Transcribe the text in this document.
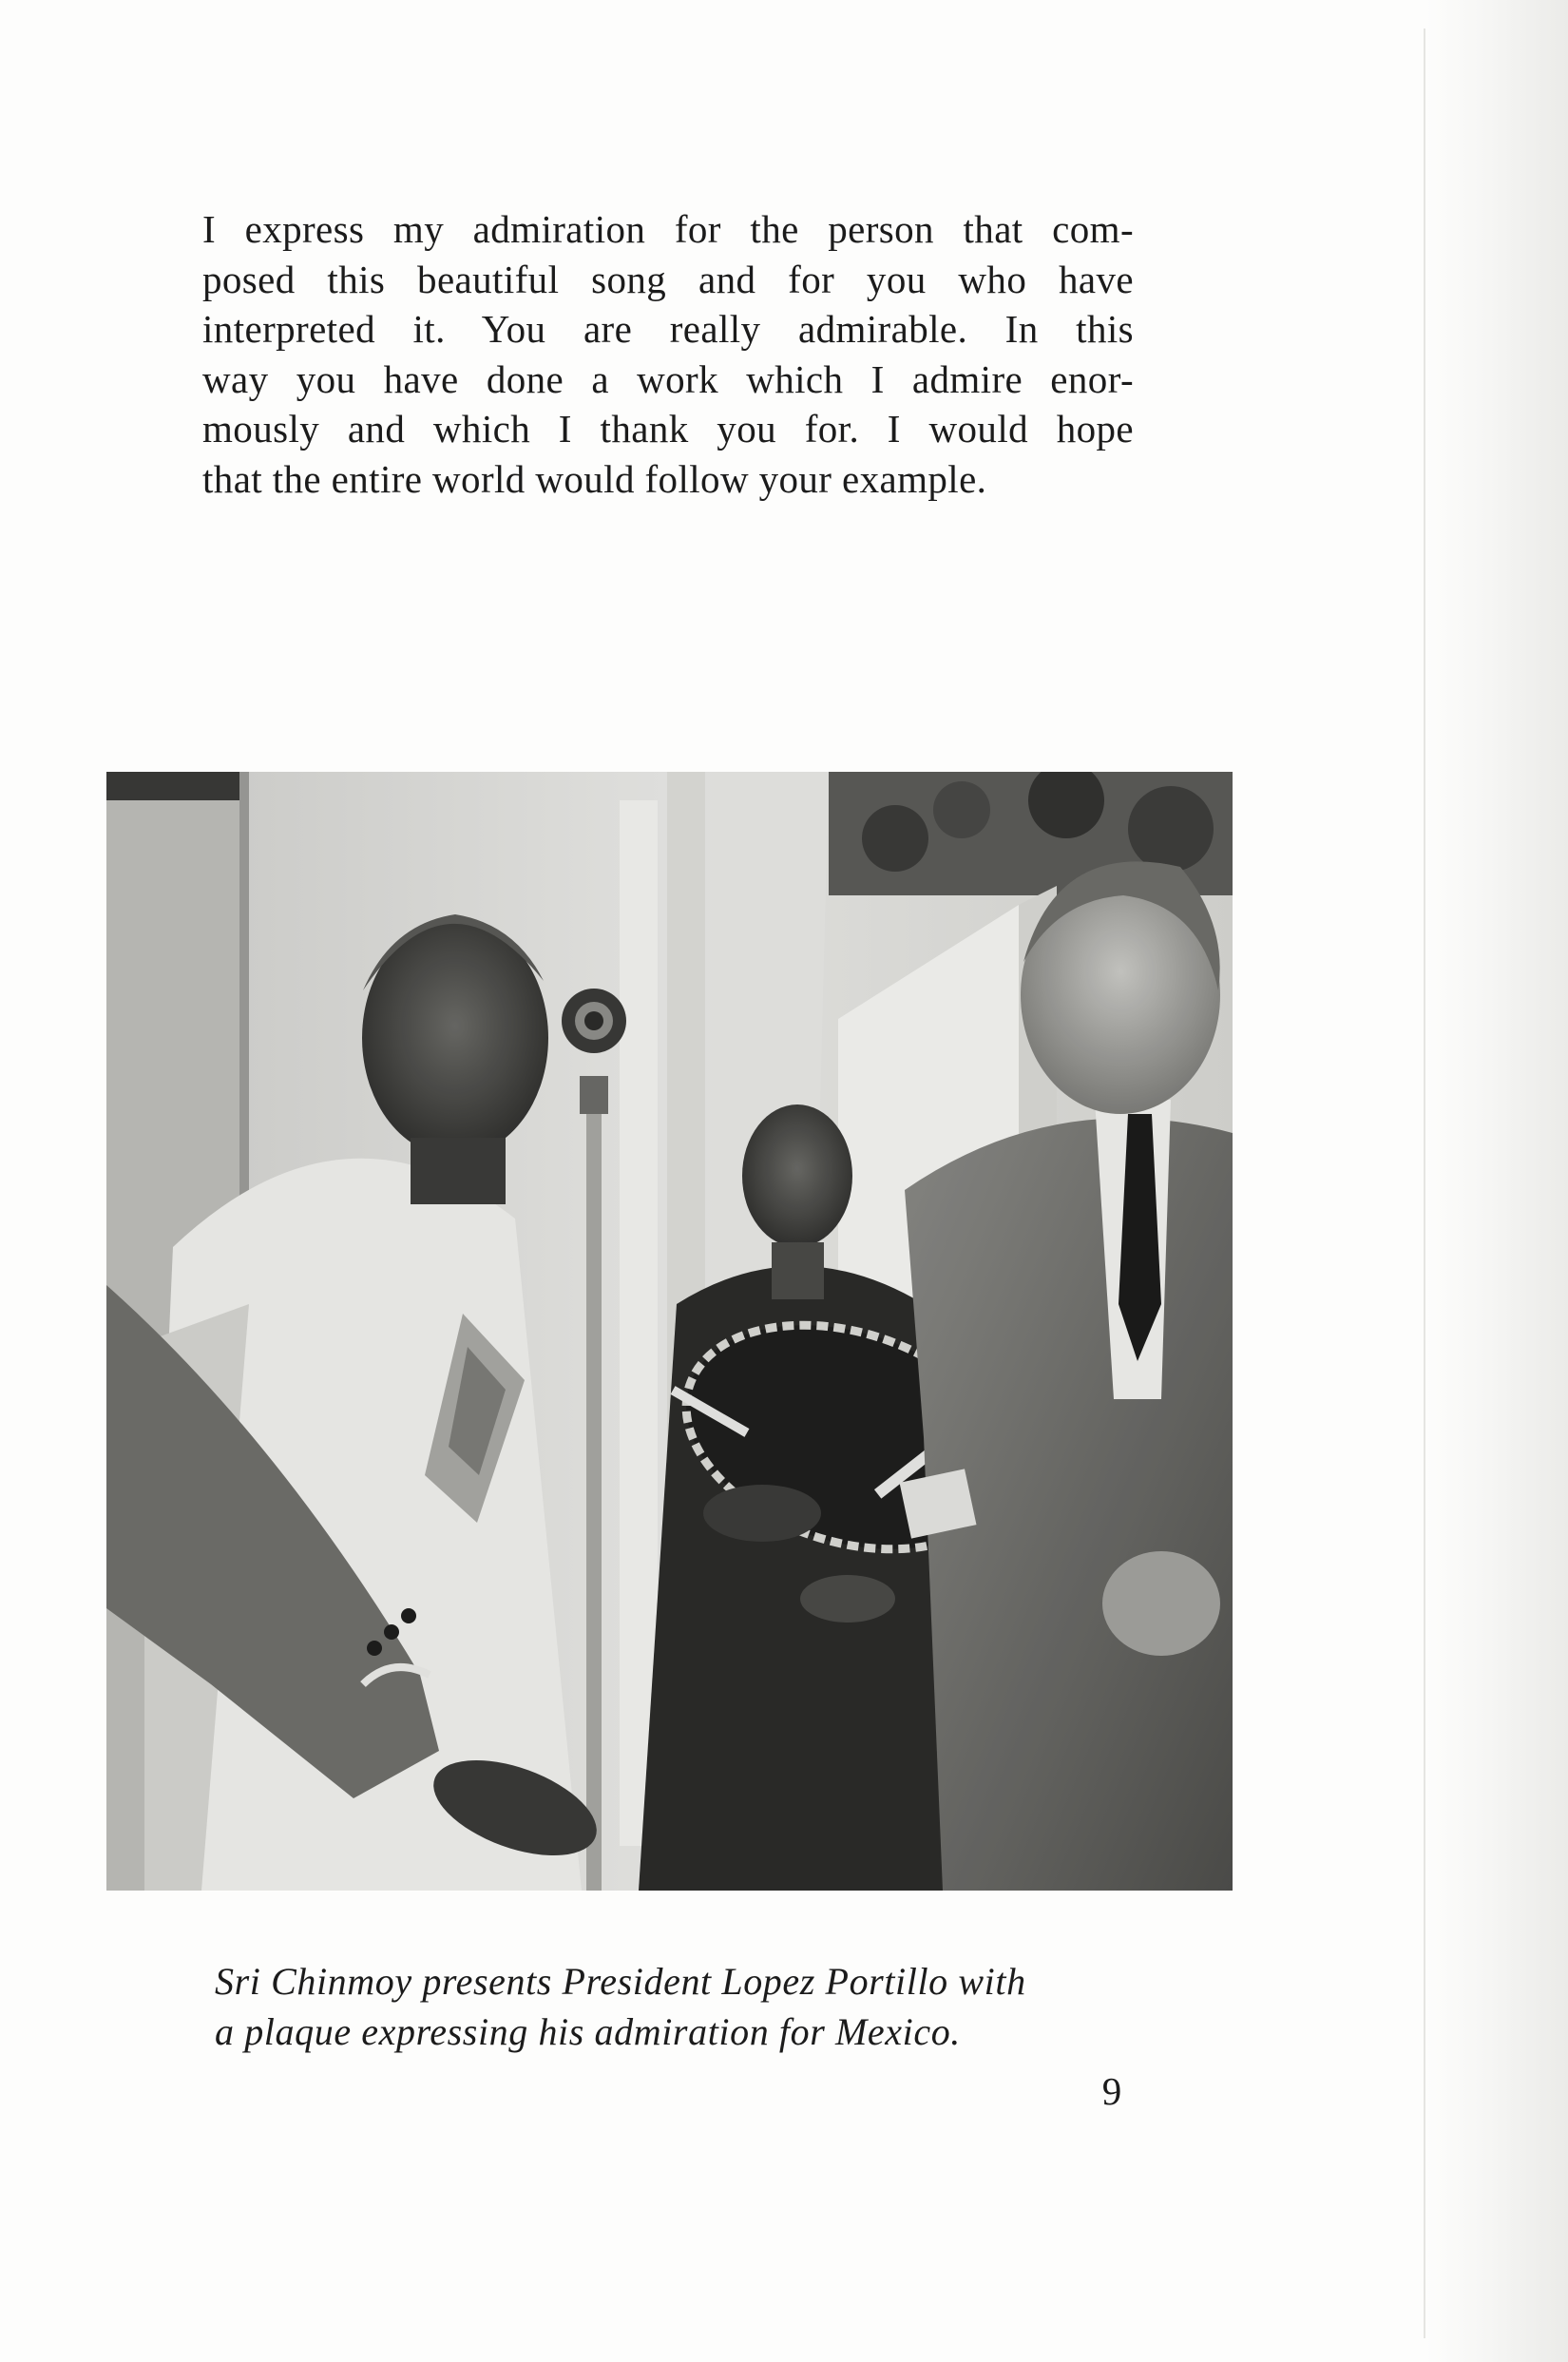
I express my admiration for the person that com-
posed this beautiful song and for you who have
interpreted it. You are really admirable. In this
way you have done a work which I admire enor-
mously and which I thank you for. I would hope
that the entire world would follow your example.
Sri Chinmoy presents President Lopez Portillo with
a plaque expressing his admiration for Mexico.
9
